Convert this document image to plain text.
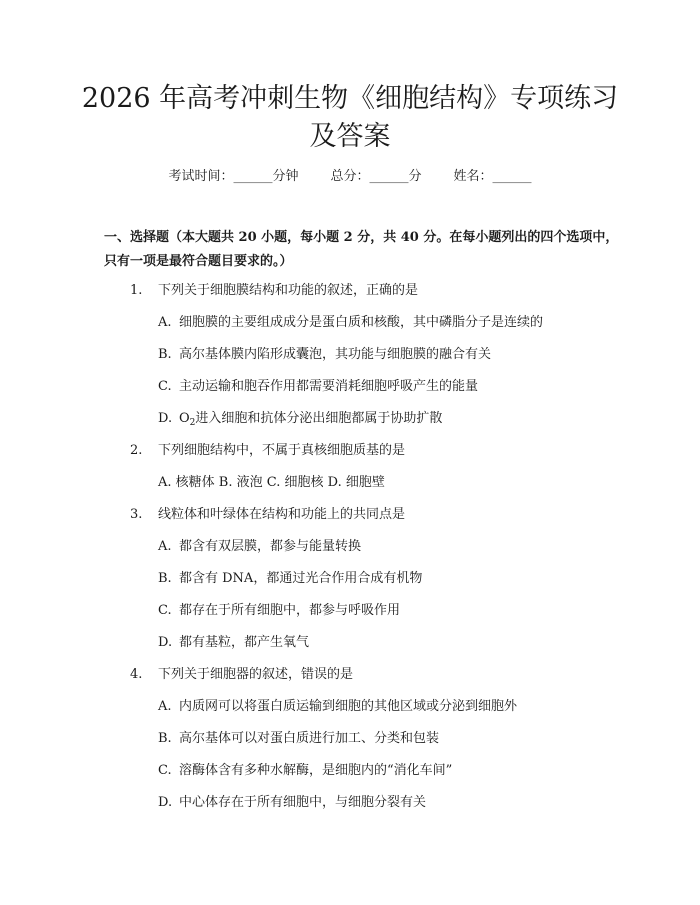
2026 年高考冲刺生物《细胞结构》专项练习
及答案
考试时间： ______ 分钟 总分： ______ 分 姓名： ______
一、选择题（本大题共 20 小题，每小题 2 分，共 40 分。在每小题列出的四个选项中，只有一项是最符合题目要求的。）
1. 下列关于细胞膜结构和功能的叙述，正确的是
A. 细胞膜的主要组成成分是蛋白质和核酸，其中磷脂分子是连续的
B. 高尔基体膜内陷形成囊泡，其功能与细胞膜的融合有关
C. 主动运输和胞吞作用都需要消耗细胞呼吸产生的能量
D. $O_2$进入细胞和抗体分泌出细胞都属于协助扩散
2. 下列细胞结构中，不属于真核细胞质基的是
A. 核糖体 B. 液泡 C. 细胞核 D. 细胞壁
3. 线粒体和叶绿体在结构和功能上的共同点是
A. 都含有双层膜，都参与能量转换
B. 都含有 DNA，都通过光合作用合成有机物
C. 都存在于所有细胞中，都参与呼吸作用
D. 都有基粒，都产生氧气
4. 下列关于细胞器的叙述，错误的是
A. 内质网可以将蛋白质运输到细胞的其他区域或分泌到细胞外
B. 高尔基体可以对蛋白质进行加工、分类和包装
C. 溶酶体含有多种水解酶，是细胞内的“消化车间”
D. 中心体存在于所有细胞中，与细胞分裂有关
